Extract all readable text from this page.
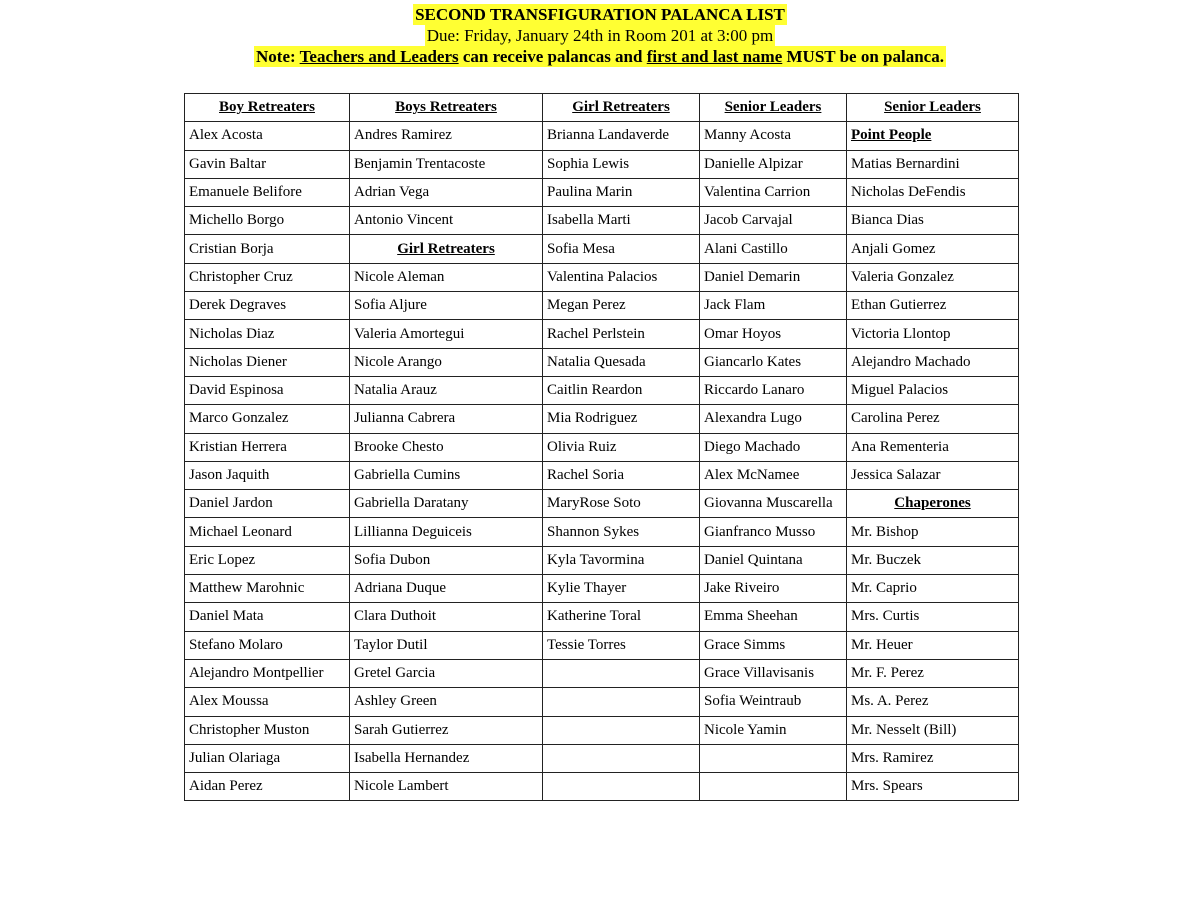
SECOND TRANSFIGURATION PALANCA LIST
Due: Friday, January 24th in Room 201 at 3:00 pm
Note: Teachers and Leaders can receive palancas and first and last name MUST be on palanca.
Boy Retreaters	Boys Retreaters	Girl Retreaters	Senior Leaders	Senior Leaders
Alex Acosta	Andres Ramirez	Brianna Landaverde	Manny Acosta	Point People
Gavin Baltar	Benjamin Trentacoste	Sophia Lewis	Danielle Alpizar	Matias Bernardini
Emanuele Belifore	Adrian Vega	Paulina Marin	Valentina Carrion	Nicholas DeFendis
Michello Borgo	Antonio Vincent	Isabella Marti	Jacob Carvajal	Bianca Dias
Cristian Borja	Girl Retreaters	Sofia Mesa	Alani Castillo	Anjali Gomez
Christopher Cruz	Nicole Aleman	Valentina Palacios	Daniel Demarin	Valeria Gonzalez
Derek Degraves	Sofia Aljure	Megan Perez	Jack Flam	Ethan Gutierrez
Nicholas Diaz	Valeria Amortegui	Rachel Perlstein	Omar Hoyos	Victoria Llontop
Nicholas Diener	Nicole Arango	Natalia Quesada	Giancarlo Kates	Alejandro Machado
David Espinosa	Natalia Arauz	Caitlin Reardon	Riccardo Lanaro	Miguel Palacios
Marco Gonzalez	Julianna Cabrera	Mia Rodriguez	Alexandra Lugo	Carolina Perez
Kristian Herrera	Brooke Chesto	Olivia Ruiz	Diego Machado	Ana Rementeria
Jason Jaquith	Gabriella Cumins	Rachel Soria	Alex McNamee	Jessica Salazar
Daniel Jardon	Gabriella Daratany	MaryRose Soto	Giovanna Muscarella	Chaperones
Michael Leonard	Lillianna Deguiceis	Shannon Sykes	Gianfranco Musso	Mr. Bishop
Eric Lopez	Sofia Dubon	Kyla Tavormina	Daniel Quintana	Mr. Buczek
Matthew Marohnic	Adriana Duque	Kylie Thayer	Jake Riveiro	Mr. Caprio
Daniel Mata	Clara Duthoit	Katherine Toral	Emma Sheehan	Mrs. Curtis
Stefano Molaro	Taylor Dutil	Tessie Torres	Grace Simms	Mr. Heuer
Alejandro Montpellier	Gretel Garcia		Grace Villavisanis	Mr. F. Perez
Alex Moussa	Ashley Green		Sofia Weintraub	Ms. A. Perez
Christopher Muston	Sarah Gutierrez		Nicole Yamin	Mr. Nesselt (Bill)
Julian Olariaga	Isabella Hernandez			Mrs. Ramirez
Aidan Perez	Nicole Lambert			Mrs. Spears
